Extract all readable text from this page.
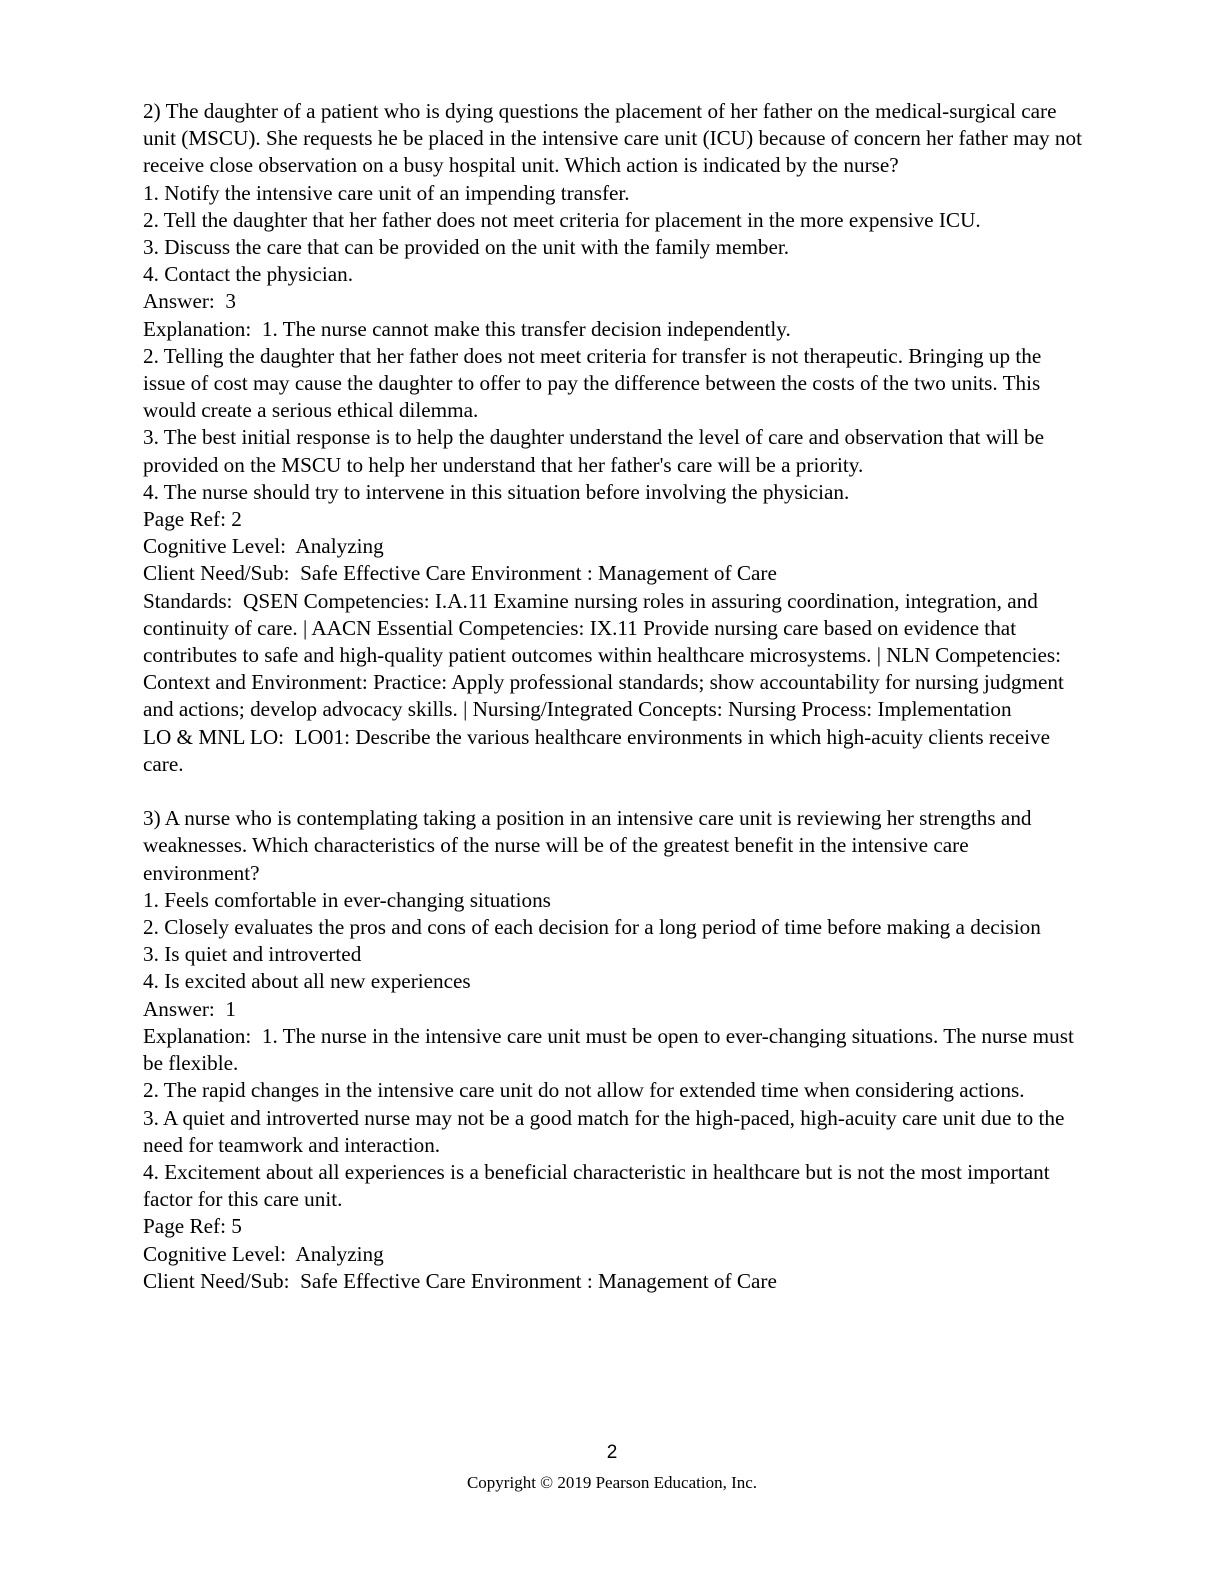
2) The daughter of a patient who is dying questions the placement of her father on the medical-surgical care unit (MSCU). She requests he be placed in the intensive care unit (ICU) because of concern her father may not receive close observation on a busy hospital unit. Which action is indicated by the nurse?

1. Notify the intensive care unit of an impending transfer.

2. Tell the daughter that her father does not meet criteria for placement in the more expensive ICU.

3. Discuss the care that can be provided on the unit with the family member.

4. Contact the physician.

Answer:  3

Explanation:  1. The nurse cannot make this transfer decision independently.

2. Telling the daughter that her father does not meet criteria for transfer is not therapeutic. Bringing up the issue of cost may cause the daughter to offer to pay the difference between the costs of the two units. This would create a serious ethical dilemma.

3. The best initial response is to help the daughter understand the level of care and observation that will be provided on the MSCU to help her understand that her father's care will be a priority.

4. The nurse should try to intervene in this situation before involving the physician.

Page Ref: 2

Cognitive Level:  Analyzing

Client Need/Sub:  Safe Effective Care Environment : Management of Care

Standards:  QSEN Competencies: I.A.11 Examine nursing roles in assuring coordination, integration, and continuity of care. | AACN Essential Competencies: IX.11 Provide nursing care based on evidence that contributes to safe and high-quality patient outcomes within healthcare microsystems. | NLN Competencies: Context and Environment: Practice: Apply professional standards; show accountability for nursing judgment and actions; develop advocacy skills. | Nursing/Integrated Concepts: Nursing Process: Implementation

LO & MNL LO:  LO01: Describe the various healthcare environments in which high-acuity clients receive care.

3) A nurse who is contemplating taking a position in an intensive care unit is reviewing her strengths and weaknesses. Which characteristics of the nurse will be of the greatest benefit in the intensive care environment?

1. Feels comfortable in ever-changing situations

2. Closely evaluates the pros and cons of each decision for a long period of time before making a decision

3. Is quiet and introverted

4. Is excited about all new experiences

Answer:  1

Explanation:  1. The nurse in the intensive care unit must be open to ever-changing situations. The nurse must be flexible.

2. The rapid changes in the intensive care unit do not allow for extended time when considering actions.

3. A quiet and introverted nurse may not be a good match for the high-paced, high-acuity care unit due to the need for teamwork and interaction.

4. Excitement about all experiences is a beneficial characteristic in healthcare but is not the most important factor for this care unit.

Page Ref: 5

Cognitive Level:  Analyzing

Client Need/Sub:  Safe Effective Care Environment : Management of Care

2
Copyright © 2019 Pearson Education, Inc.
